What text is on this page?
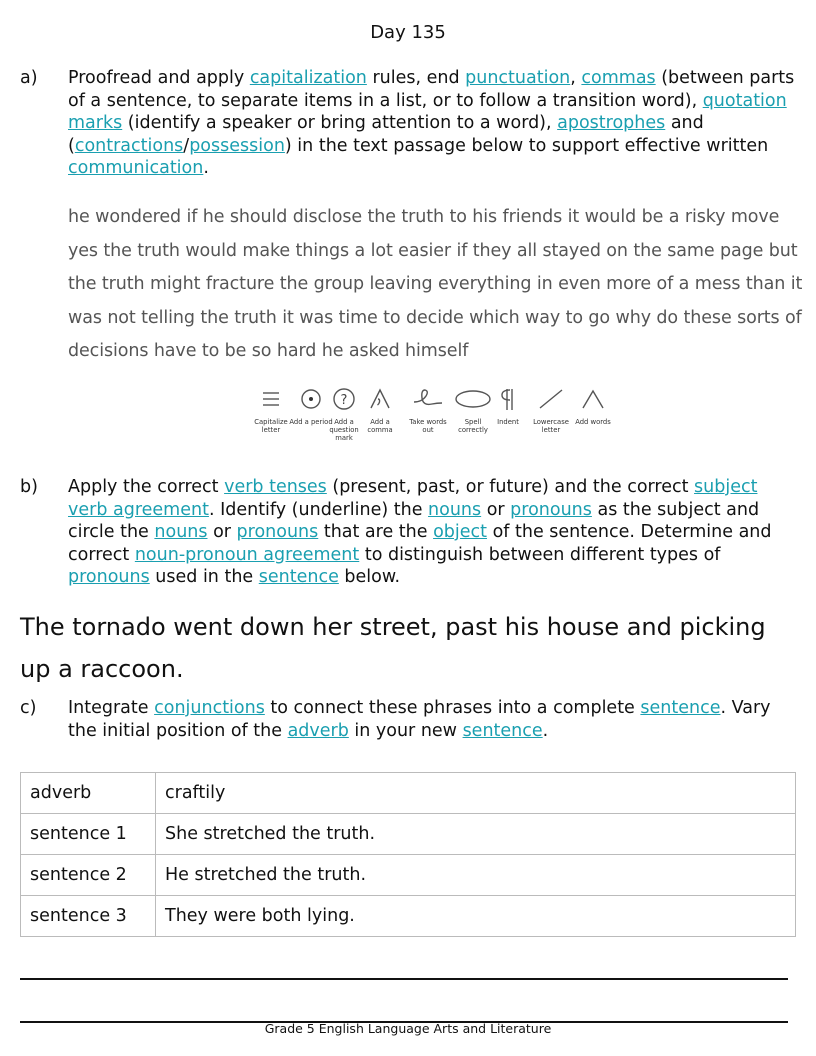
Day 135
a) Proofread and apply capitalization rules, end punctuation, commas (between parts of a sentence, to separate items in a list, or to follow a transition word), quotation marks (identify a speaker or bring attention to a word), apostrophes and (contractions/possession) in the text passage below to support effective written communication.
he wondered if he should disclose the truth to his friends it would be a risky move yes the truth would make things a lot easier if they all stayed on the same page but the truth might fracture the group leaving everything in even more of a mess than it was not telling the truth it was time to decide which way to go why do these sorts of decisions have to be so hard he asked himself
Capitalize letter
Add a period
?
Add a question mark
Add a comma
Take words out
Spell correctly
Indent	Lowercase letter
Add words
b) Apply the correct verb tenses (present, past, or future) and the correct subject verb agreement. Identify (underline) the nouns or pronouns as the subject and circle the nouns or pronouns that are the object of the sentence. Determine and correct noun-pronoun agreement to distinguish between different types of pronouns used in the sentence below.
The tornado went down her street, past his house and picking up a raccoon.
c) Integrate conjunctions to connect these phrases into a complete sentence. Vary the initial position of the adverb in your new sentence.
adverb	craftily
sentence 1	She stretched the truth.
sentence 2	He stretched the truth.
sentence 3	They were both lying.
Grade 5 English Language Arts and Literature
